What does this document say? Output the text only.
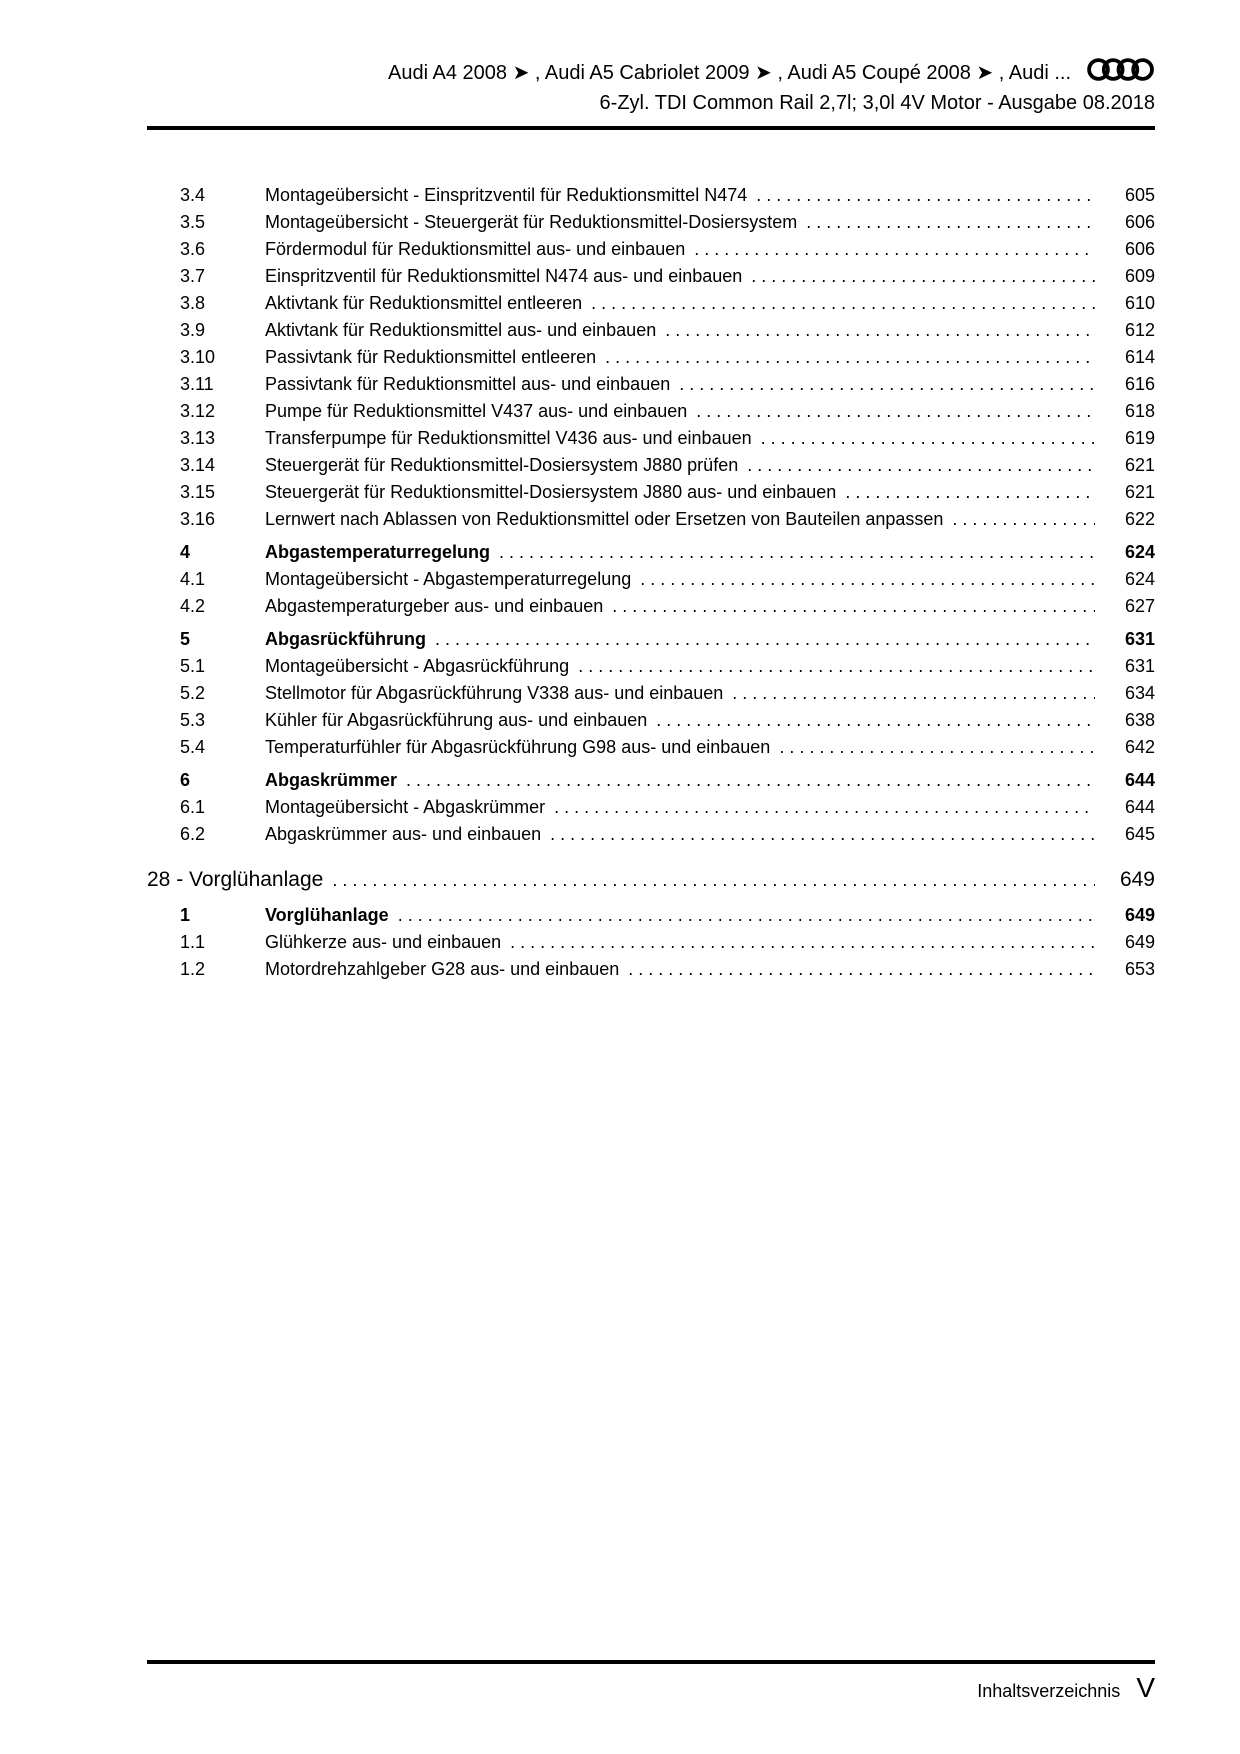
Audi A4 2008 ➤ , Audi A5 Cabriolet 2009 ➤ , Audi A5 Coupé 2008 ➤ , Audi ...
6-Zyl. TDI Common Rail 2,7l; 3,0l 4V Motor - Ausgabe 08.2018
3.4	Montageübersicht - Einspritzventil für Reduktionsmittel N474 .....	605
3.5	Montageübersicht - Steuergerät für Reduktionsmittel-Dosiersystem .....	606
3.6	Fördermodul für Reduktionsmittel aus- und einbauen .....	606
3.7	Einspritzventil für Reduktionsmittel N474 aus- und einbauen .....	609
3.8	Aktivtank für Reduktionsmittel entleeren .....	610
3.9	Aktivtank für Reduktionsmittel aus- und einbauen .....	612
3.10	Passivtank für Reduktionsmittel entleeren .....	614
3.11	Passivtank für Reduktionsmittel aus- und einbauen .....	616
3.12	Pumpe für Reduktionsmittel V437 aus- und einbauen .....	618
3.13	Transferpumpe für Reduktionsmittel V436 aus- und einbauen .....	619
3.14	Steuergerät für Reduktionsmittel-Dosiersystem J880 prüfen .....	621
3.15	Steuergerät für Reduktionsmittel-Dosiersystem J880 aus- und einbauen .....	621
3.16	Lernwert nach Ablassen von Reduktionsmittel oder Ersetzen von Bauteilen anpassen .....	622
4	Abgastemperaturregelung .....	624
4.1	Montageübersicht - Abgastemperaturregelung .....	624
4.2	Abgastemperaturgeber aus- und einbauen .....	627
5	Abgasrückführung .....	631
5.1	Montageübersicht - Abgasrückführung .....	631
5.2	Stellmotor für Abgasrückführung V338 aus- und einbauen .....	634
5.3	Kühler für Abgasrückführung aus- und einbauen .....	638
5.4	Temperaturfühler für Abgasrückführung G98 aus- und einbauen .....	642
6	Abgaskrümmer .....	644
6.1	Montageübersicht - Abgaskrümmer .....	644
6.2	Abgaskrümmer aus- und einbauen .....	645
28 - Vorglühanlage .....	649
1	Vorglühanlage .....	649
1.1	Glühkerze aus- und einbauen .....	649
1.2	Motordrehzahlgeber G28 aus- und einbauen .....	653
Inhaltsverzeichnis V
